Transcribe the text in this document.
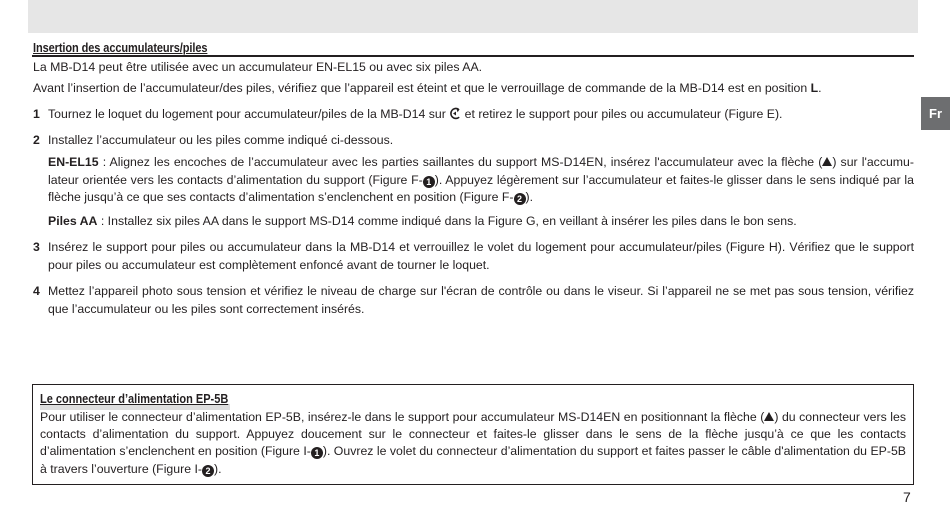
Insertion des accumulateurs/piles
La MB-D14 peut être utilisée avec un accumulateur EN-EL15 ou avec six piles AA.
Avant l’insertion de l’accumulateur/des piles, vérifiez que l’appareil est éteint et que le verrouillage de commande de la MB-D14 est en position L.
Fr
1 Tournez le loquet du logement pour accumulateur/piles de la MB-D14 sur  et retirez le support pour piles ou accumulateur (Figure E).
2 Installez l’accumulateur ou les piles comme indiqué ci-dessous.
EN-EL15 : Alignez les encoches de l’accumulateur avec les parties saillantes du support MS-D14EN, insérez l'accumulateur avec la flèche ( ) sur l'accumulateur orientée vers les contacts d’alimentation du support (Figure F- 1 ). Appuyez légèrement sur l’accumulateur et faites-le glisser dans le sens indiqué par la flèche jusqu’à ce que ses contacts d’alimentation s’enclenchent en position (Figure F- 2 ).
Piles AA : Installez six piles AA dans le support MS-D14 comme indiqué dans la Figure G, en veillant à insérer les piles dans le bon sens.
3 Insérez le support pour piles ou accumulateur dans la MB-D14 et verrouillez le volet du logement pour accumulateur/piles (Figure H). Vérifiez que le support pour piles ou accumulateur est complètement enfoncé avant de tourner le loquet.
4 Mettez l’appareil photo sous tension et vérifiez le niveau de charge sur l'écran de contrôle ou dans le viseur. Si l’appareil ne se met pas sous tension, vérifiez que l’accumulateur ou les piles sont correctement insérés.
Le connecteur d’alimentation EP-5B
Pour utiliser le connecteur d’alimentation EP-5B, insérez-le dans le support pour accumulateur MS-D14EN en positionnant la flèche ( ) du connecteur vers les contacts d’alimentation du support. Appuyez doucement sur le connecteur et faites-le glisser dans le sens de la flèche jusqu’à ce que les contacts d’alimentation s’enclenchent en position (Figure I- 1 ). Ouvrez le volet du connecteur d’alimentation du support et faites passer le câble d'alimentation du EP-5B à travers l’ouverture (Figure I- 2 ).
7
